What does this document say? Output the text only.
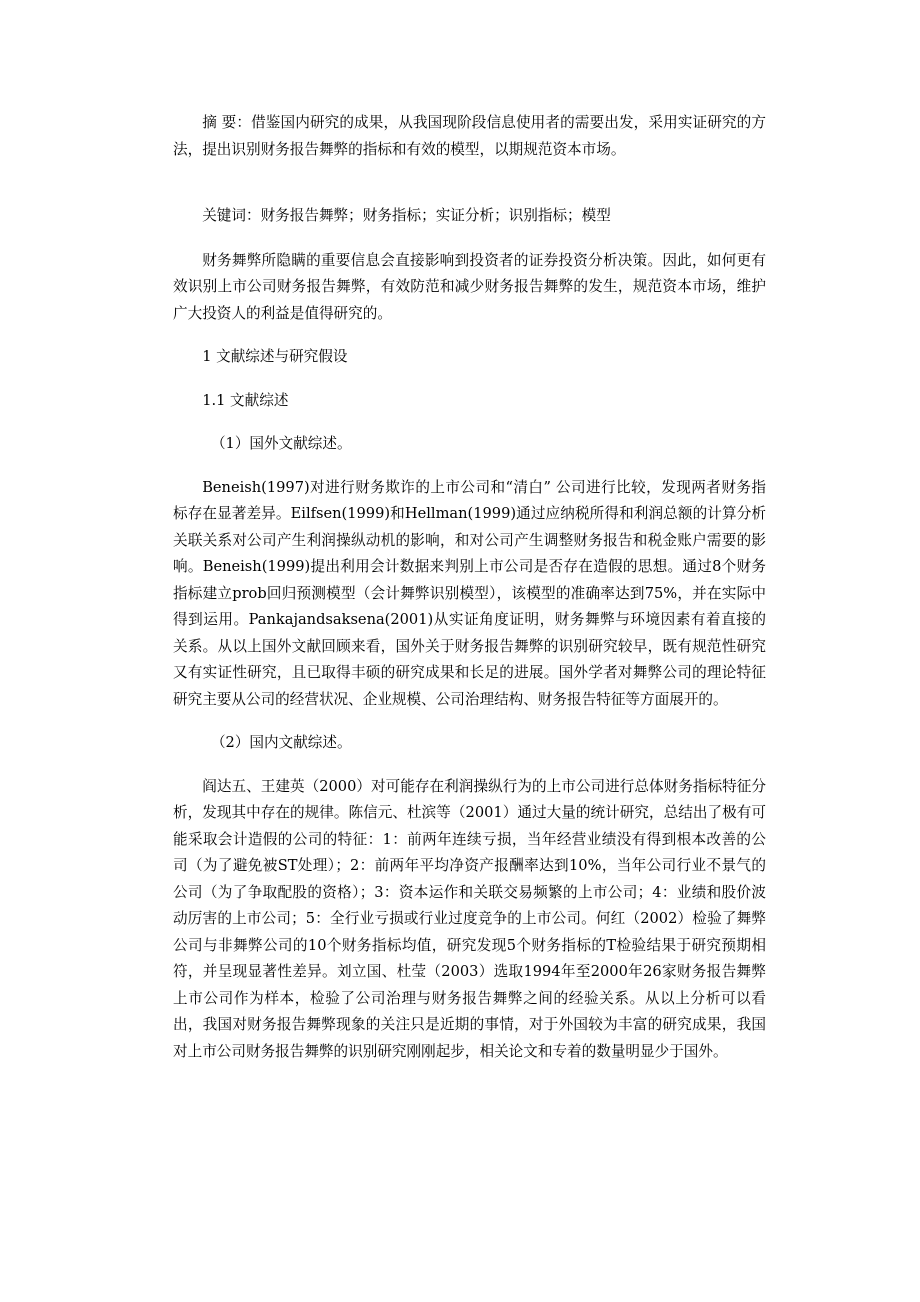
摘 要：借鉴国内研究的成果，从我国现阶段信息使用者的需要出发，采用实证研究的方法，提出识别财务报告舞弊的指标和有效的模型，以期规范资本市场。

关键词：财务报告舞弊；财务指标；实证分析；识别指标；模型

财务舞弊所隐瞒的重要信息会直接影响到投资者的证券投资分析决策。因此，如何更有效识别上市公司财务报告舞弊，有效防范和减少财务报告舞弊的发生，规范资本市场，维护广大投资人的利益是值得研究的。

1 文献综述与研究假设

1.1 文献综述

（1）国外文献综述。

Beneish(1997)对进行财务欺诈的上市公司和“清白” 公司进行比较，发现两者财务指标存在显著差异。Eilfsen(1999)和Hellman(1999)通过应纳税所得和利润总额的计算分析关联关系对公司产生利润操纵动机的影响，和对公司产生调整财务报告和税金账户需要的影响。Beneish(1999)提出利用会计数据来判别上市公司是否存在造假的思想。通过8个财务指标建立prob回归预测模型（会计舞弊识别模型），该模型的准确率达到75%，并在实际中得到运用。Pankajandsaksena(2001)从实证角度证明，财务舞弊与环境因素有着直接的关系。从以上国外文献回顾来看，国外关于财务报告舞弊的识别研究较早，既有规范性研究又有实证性研究，且已取得丰硕的研究成果和长足的进展。国外学者对舞弊公司的理论特征研究主要从公司的经营状况、企业规模、公司治理结构、财务报告特征等方面展开的。

（2）国内文献综述。

阎达五、王建英（2000）对可能存在利润操纵行为的上市公司进行总体财务指标特征分析，发现其中存在的规律。陈信元、杜滨等（2001）通过大量的统计研究，总结出了极有可能采取会计造假的公司的特征：1：前两年连续亏损，当年经营业绩没有得到根本改善的公司（为了避免被ST处理）；2：前两年平均净资产报酬率达到10%，当年公司行业不景气的公司（为了争取配股的资格）；3：资本运作和关联交易频繁的上市公司；4：业绩和股价波动厉害的上市公司；5：全行业亏损或行业过度竞争的上市公司。何红（2002）检验了舞弊公司与非舞弊公司的10个财务指标均值，研究发现5个财务指标的T检验结果于研究预期相符，并呈现显著性差异。刘立国、杜莹（2003）选取1994年至2000年26家财务报告舞弊上市公司作为样本，检验了公司治理与财务报告舞弊之间的经验关系。从以上分析可以看出，我国对财务报告舞弊现象的关注只是近期的事情，对于外国较为丰富的研究成果，我国对上市公司财务报告舞弊的识别研究刚刚起步，相关论文和专着的数量明显少于国外。
